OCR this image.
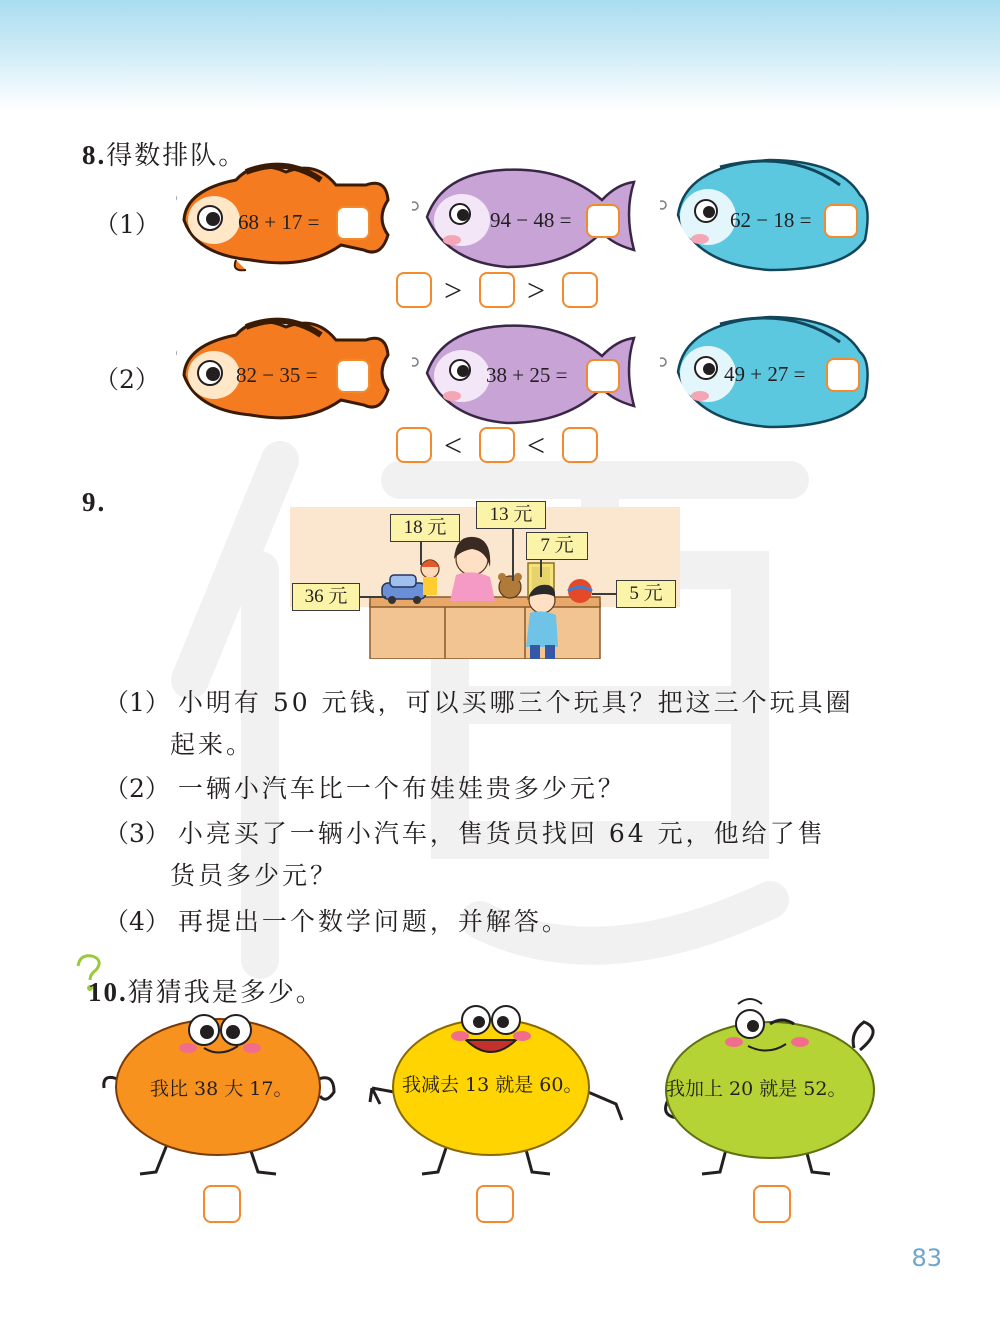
8.得数排队。
（1）	68 + 17 =	94 − 48 =	62 − 18 =
> >
（2）	82 − 35 =	38 + 25 =	49 + 27 =
< <
9.
18 元
13 元
7 元
36 元	5 元
（1） 小明有 50 元钱，可以买哪三个玩具？把这三个玩具圈
起来。
（2） 一辆小汽车比一个布娃娃贵多少元？
（3） 小亮买了一辆小汽车，售货员找回 64 元，他给了售
货员多少元？
（4） 再提出一个数学问题，并解答。
10.猜猜我是多少。
我比 38 大 17。	我减去 13 就是 60。	我加上 20 就是 52。
83
